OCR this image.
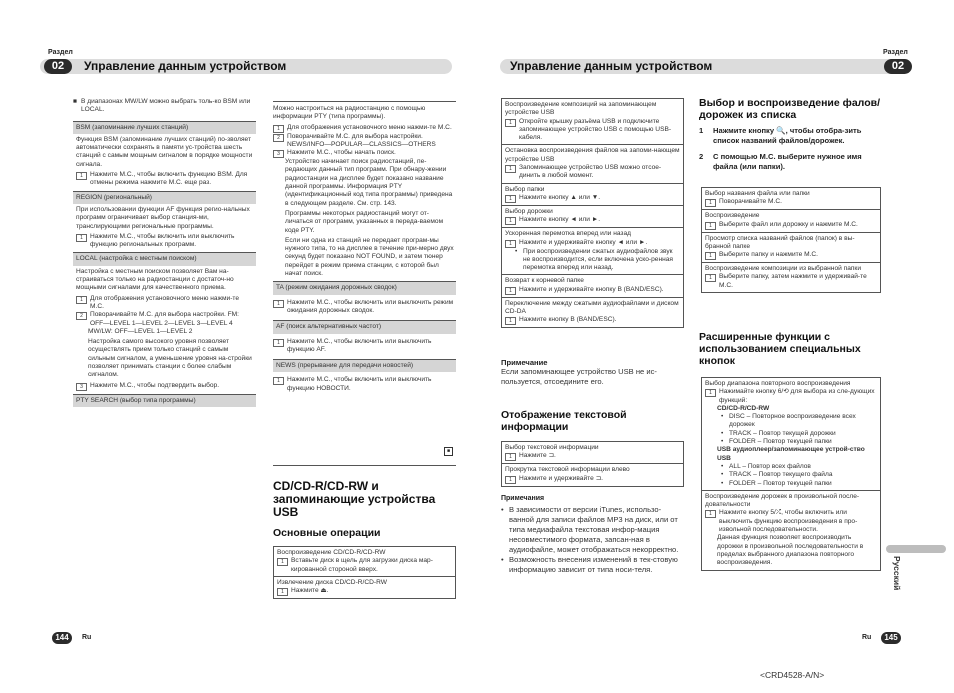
Раздел
02	Управление данным устройством
Раздел
02
Управление данным устройством
■ В диапазонах MW/LW можно выбрать толь-ко BSM или LOCAL.
BSM (запоминание лучших станций)

Функция BSM (запоминание лучших станций) по-зволяет автоматически сохранять в памяти ус-тройства шесть станций с самым мощным сигналом в порядке мощности сигнала.

1	Нажмите M.C., чтобы включить функцию BSM. Для отмены режима нажмите M.C. еще раз.
REGION (региональный)

При использовании функции AF функция регио-нальных программ ограничивает выбор станция-ми, транслирующими региональные программы.

1	Нажмите M.C., чтобы включить или выключить функцию региональных программ.
LOCAL (настройка с местным поиском)

Настройка с местным поиском позволяет Вам на-страиваться только на радиостанции с достаточ-но мощными сигналами для качественного приема.

1	Для отображения установочного меню нажми-те M.C.
2	Поворачивайте M.C. для выбора настройки. FM: OFF—LEVEL 1—LEVEL 2—LEVEL 3—LEVEL 4

MW/LW: OFF—LEVEL 1—LEVEL 2

Настройка самого высокого уровня позволяет осуществлять прием только станций с самым сильным сигналом, а уменьшение уровня на-стройки позволяет принимать станции с более слабым сигналом.

3	Нажмите M.C., чтобы подтвердить выбор.
PTY SEARCH (выбор типа программы)

Можно настроиться на радиостанцию с помощью информации PTY (типа программы).

1	Для отображения установочного меню нажми-те M.C.
2	Поворачивайте M.C. для выбора настройки. NEWS/INFO—POPULAR—CLASSICS—OTHERS
3	Нажмите M.C., чтобы начать поиск.

Устройство начинает поиск радиостанций, пе-редающих данный тип программ. При обнару-жении радиостанции на дисплее будет показано название данной программы. Информация PTY (идентификационный код типа программы) приведена в следующем разделе. См. стр. 143.

Программы некоторых радиостанций могут от-личаться от программ, указанных в переда-ваемом коде PTY.

Если ни одна из станций не передает програм-мы нужного типа, то на дисплее в течение при-мерно двух секунд будет показано NOT FOUND, и затем тюнер перейдет в режим приема станции, с которой был начат поиск.

TA (режим ожидания дорожных сводок)
1	Нажмите M.C., чтобы включить или выключить режим ожидания дорожных сводок.
AF (поиск альтернативных частот)
1	Нажмите M.C., чтобы включить или выключить функцию AF.
NEWS (прерывание для передачи новостей)
1	Нажмите M.C., чтобы включить или выключить функцию НОВОСТИ.
■
CD/CD-R/CD-RW и запоминающие устройства USB
Основные операции
Воспроизведение CD/CD-R/CD-RW
1	Вставьте диск в щель для загрузки диска мар-кированной стороной вверх.
Извлечение диска CD/CD-R/CD-RW
1	Нажмите ⏏.
Воспроизведение композиций на запоминающем устройстве USB
1	Откройте крышку разъёма USB и подключите запоминающее устройство USB с помощью USB-кабеля.
Остановка воспроизведения файлов на запоми-нающем устройстве USB
1	Запоминающее устройство USB можно отсое-динить в любой момент.
Выбор папки
1	Нажмите кнопку ▲ или ▼.
Выбор дорожки
1	Нажмите кнопку ◄ или ►.
Ускоренная перемотка вперед или назад
1	Нажмите и удерживайте кнопку ◄ или ►.
• При воспроизведении сжатых аудиофайлов звук не воспроизводится, если включена уско-ренная перемотка вперед или назад.
Возврат к корневой папке
1	Нажмите и удерживайте кнопку B (BAND/ESC).
Переключение между сжатыми аудиофайлами и диском CD-DA
1	Нажмите кнопку B (BAND/ESC).
Примечание
Если запоминающее устройство USB не ис-пользуется, отсоедините его.
Отображение текстовой информации
Выбор текстовой информации
1	Нажмите ⊐.
Прокрутка текстовой информации влево
1	Нажмите и удерживайте ⊐.
Примечания
• В зависимости от версии iTunes, использо-ванной для записи файлов MP3 на диск, или от типа медиафайла текстовая инфор-мация несовместимого формата, запсан-ная в аудиофайле, может отображаться некорректно.
• Возможность внесения изменений в тек-стовую информацию зависит от типа носи-теля.
Выбор и воспроизведение фалов/дорожек из списка
1	Нажмите кнопку 🔍, чтобы отобра-зить список названий файлов/дорожек.
2	С помощью M.C. выберите нужное имя файла (или папки).
Выбор названия файла или папки
1	Поворачивайте M.C.
Воспроизведение
1	Выберите файл или дорожку и нажмите M.C.
Просмотр списка названий файлов (папок) в вы-бранной папке
1	Выберите папку и нажмите M.C.
Воспроизведение композиции из выбранной папки
1	Выберите папку, затем нажмите и удерживай-те M.C.
Расширенные функции с использованием специальных кнопок
Выбор диапазона повторного воспроизведения
1	Нажимайте кнопку 6/⟲ для выбора из сле-дующих функций:
CD/CD-R/CD-RW
• DISC – Повторное воспроизведение всех дорожек
• TRACK – Повтор текущей дорожки
• FOLDER – Повтор текущей папки
USB аудиоплеер/запоминающее устрой-ство USB
• ALL – Повтор всех файлов
• TRACK – Повтор текущего файла
• FOLDER – Повтор текущей папки
Воспроизведение дорожек в произвольной после-довательности
1	Нажмите кнопку 5/⤮, чтобы включить или выключить функцию воспроизведения в про-извольной последовательности.
Данная функция позволяет воспроизводить дорожки в произвольной последовательности в пределах выбранного диапазона повторного воспроизведения.	Русский
144	Ru	Ru	145
<CRD4528-A/N>
